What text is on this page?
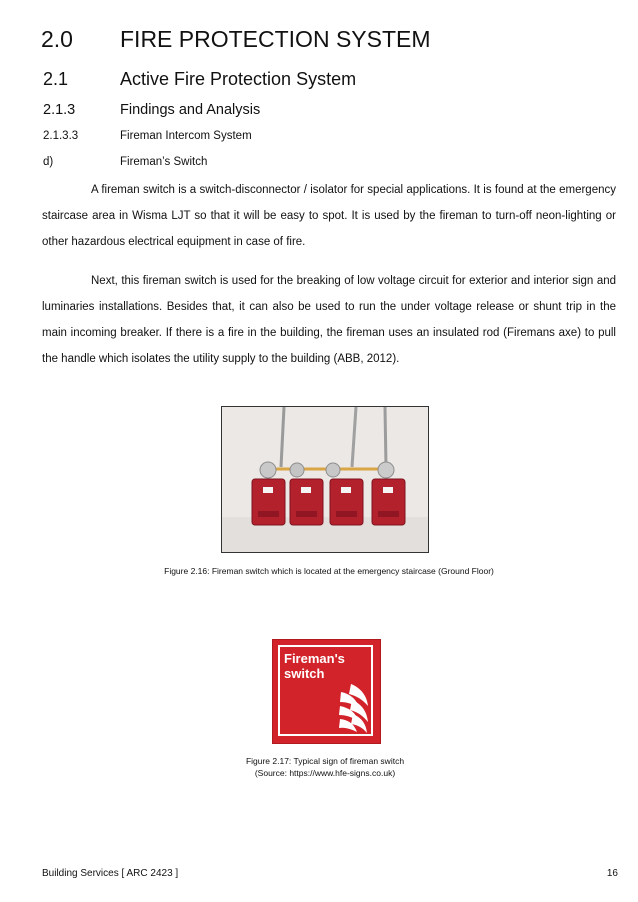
2.0 FIRE PROTECTION SYSTEM
2.1	Active Fire Protection System
2.1.3	Findings and Analysis
2.1.3.3	Fireman Intercom System
d)	Fireman’s Switch

A fireman switch is a switch-disconnector / isolator for special applications. It is found at the emergency staircase area in Wisma LJT so that it will be easy to spot. It is used by the fireman to turn-off neon-lighting or other hazardous electrical equipment in case of fire.

Next, this fireman switch is used for the breaking of low voltage circuit for exterior and interior sign and luminaries installations. Besides that, it can also be used to run the under voltage release or shunt trip in the main incoming breaker. If there is a fire in the building, the fireman uses an insulated rod (Firemans axe) to pull the handle which isolates the utility supply to the building (ABB, 2012).

Figure 2.16: Fireman switch which is located at the emergency staircase (Ground Floor)
Fireman's
switch
Figure 2.17: Typical sign of fireman switch
(Source: https://www.hfe-signs.co.uk)
Building Services [ ARC 2423 ]	16
